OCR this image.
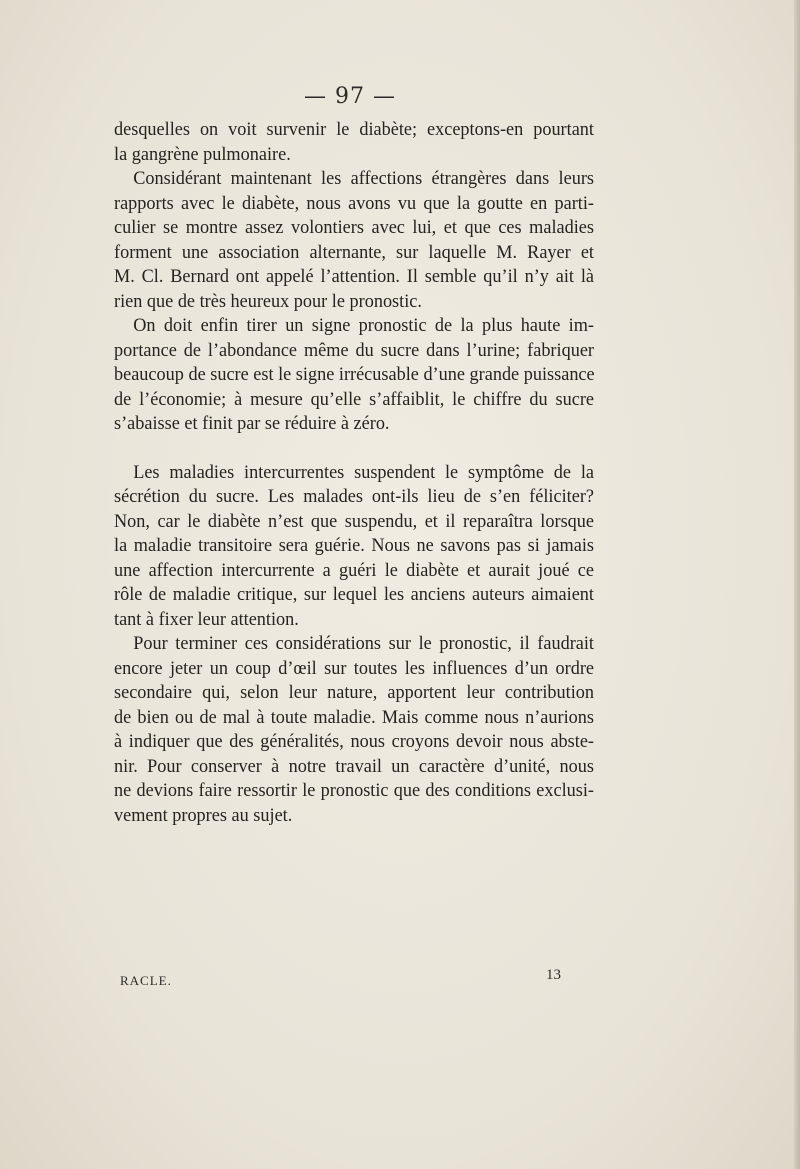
— 97 —

desquelles on voit survenir le diabète; exceptons-en pourtant
la gangrène pulmonaire.

Considérant maintenant les affections étrangères dans leurs
rapports avec le diabète, nous avons vu que la goutte en parti-
culier se montre assez volontiers avec lui, et que ces maladies
forment une association alternante, sur laquelle M. Rayer et
M. Cl. Bernard ont appelé l’attention. Il semble qu’il n’y ait là
rien que de très heureux pour le pronostic.

On doit enfin tirer un signe pronostic de la plus haute im-
portance de l’abondance même du sucre dans l’urine; fabriquer
beaucoup de sucre est le signe irrécusable d’une grande puissance
de l’économie; à mesure qu’elle s’affaiblit, le chiffre du sucre
s’abaisse et finit par se réduire à zéro.

Les maladies intercurrentes suspendent le symptôme de la
sécrétion du sucre. Les malades ont-ils lieu de s’en féliciter?
Non, car le diabète n’est que suspendu, et il reparaîtra lorsque
la maladie transitoire sera guérie. Nous ne savons pas si jamais
une affection intercurrente a guéri le diabète et aurait joué ce
rôle de maladie critique, sur lequel les anciens auteurs aimaient
tant à fixer leur attention.

Pour terminer ces considérations sur le pronostic, il faudrait
encore jeter un coup d’œil sur toutes les influences d’un ordre
secondaire qui, selon leur nature, apportent leur contribution
de bien ou de mal à toute maladie. Mais comme nous n’aurions
à indiquer que des généralités, nous croyons devoir nous abste-
nir. Pour conserver à notre travail un caractère d’unité, nous
ne devions faire ressortir le pronostic que des conditions exclusi-
vement propres au sujet.

RACLE.	13
